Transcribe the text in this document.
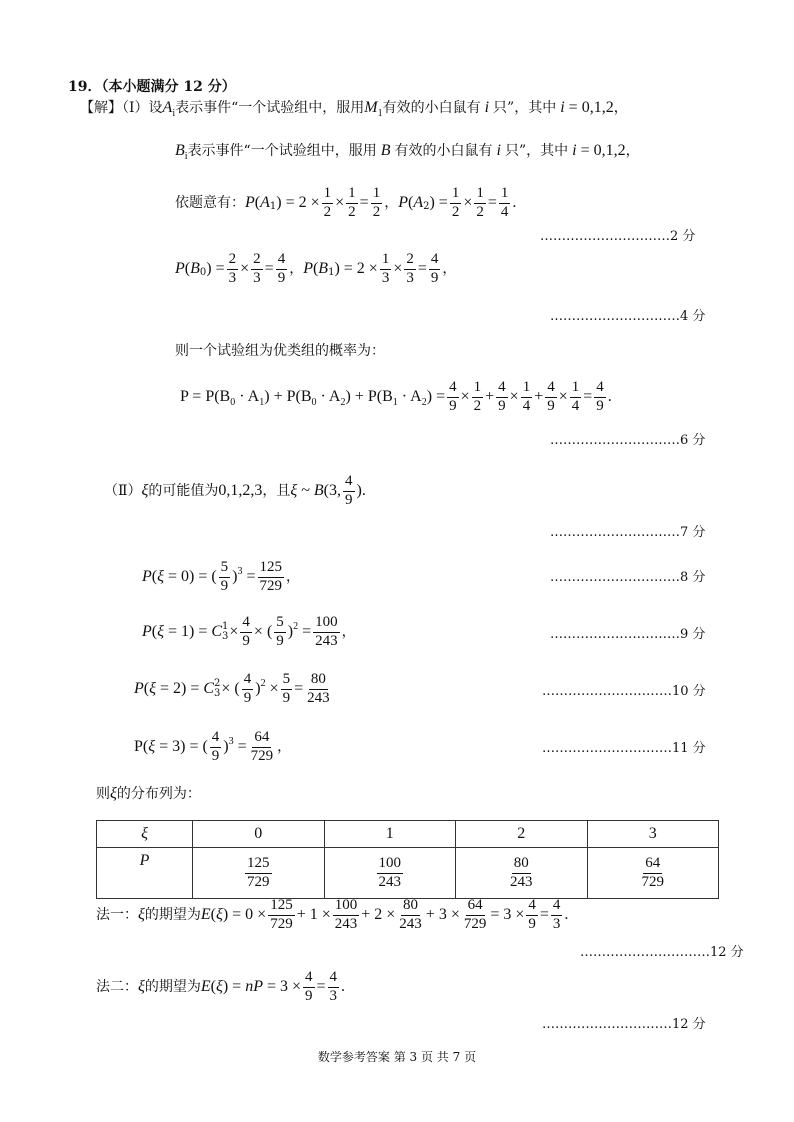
19．（本小题满分 12 分）
【解】（Ⅰ）设 $A_i$ 表示事件“一个试验组中，服用 $M_1$ 有效的小白鼠有 i 只”，其中 i = 0,1,2 ，
$B_i$ 表示事件“一个试验组中，服用 B 有效的小白鼠有 i 只”，其中 i = 0,1,2 ，
依题意有： P ( A 1 ) = $2 \times \frac{1}{2} \times \frac{1}{2} = \frac{1}{2}$ ， P ( A 2 ) = $\frac{1}{2} \times \frac{1}{2} = \frac{1}{4}$ .
…………………………2 分
P ( B 0 ) = $\frac{2}{3} \times \frac{2}{3} = \frac{4}{9}$ ， P ( B 1 ) = $2 \times \frac{1}{3} \times \frac{2}{3} = \frac{4}{9}$ ，
…………………………4 分
则一个试验组为优类组的概率为：
$P = P(B_0 \cdot A_1) + P(B_0 \cdot A_2) + P(B_1 \cdot A_2) = \frac{4}{9} \times \frac{1}{2} + \frac{4}{9} \times \frac{1}{4} + \frac{4}{9} \times \frac{1}{4} = \frac{4}{9}$ .
…………………………6 分
（Ⅱ） ξ 的可能值为 0,1,2,3 ，且 ξ ~ B (3, $\frac{4}{9}$ ).
…………………………7 分
P ( ξ = 0) = ( $\frac{5}{9} )^3 = \frac{125}{729}$ ，	…………………………8 分
P ( ξ = 1) = C 1
$3 \times \frac{4}{9}$ × ( $\frac{5}{9} )^2 = \frac{100}{243}$ ，	…………………………9 分
P ( ξ = 2) = C 2
3 × ( $\frac{4}{9} )^2 \times \frac{5}{9} = \frac{80}{243}$	…………………………10 分
P( ξ = 3) = ( $\frac{4}{9} )^3 = \frac{64}{729}$ ，	…………………………11 分
则 ξ 的分布列为：
ξ	0	1	2	3
P	$\frac{125}{729}$	$\frac{100}{243}$	$\frac{80}{243}$	$\frac{64}{729}$
法一： ξ 的期望为 E ( ξ ) = $0 \times \frac{125}{729} + 1 \times \frac{100}{243} + 2 \times \frac{80}{243} + 3 \times \frac{64}{729} = 3 \times \frac{4}{9} = \frac{4}{3}$ .
…………………………12 分
法二： ξ 的期望为 E ( ξ ) = nP = $3 \times \frac{4}{9} = \frac{4}{3}$ .
…………………………12 分
数学参考答案 第 3 页 共 7 页
